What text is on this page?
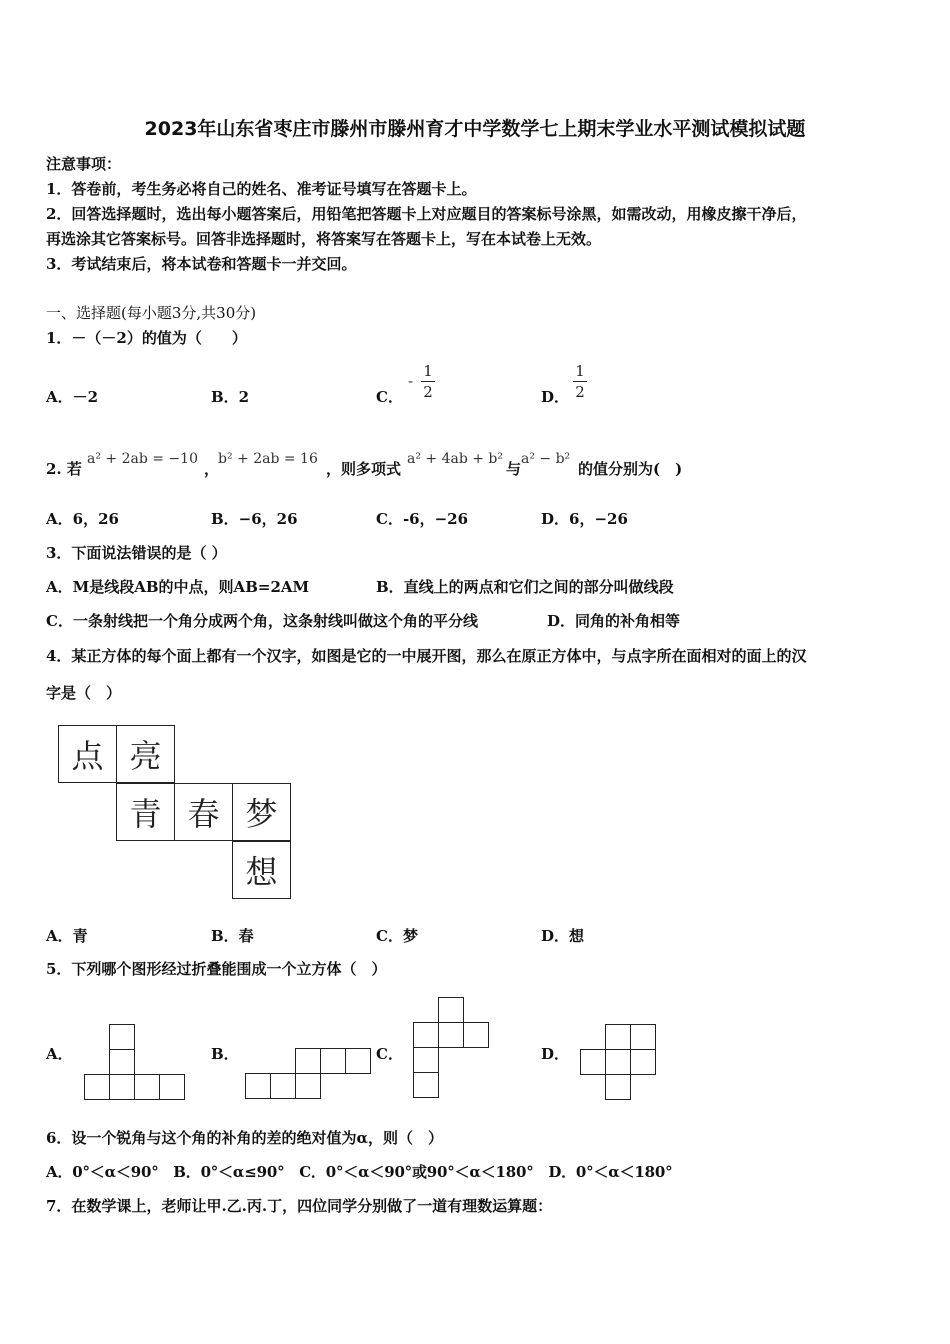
2023年山东省枣庄市滕州市滕州育才中学数学七上期末学业水平测试模拟试题
注意事项：
1．答卷前，考生务必将自己的姓名、准考证号填写在答题卡上。
2．回答选择题时，选出每小题答案后，用铅笔把答题卡上对应题目的答案标号涂黑，如需改动，用橡皮擦干净后，
再选涂其它答案标号。回答非选择题时，将答案写在答题卡上，写在本试卷上无效。
3．考试结束后，将本试卷和答题卡一并交回。
一、选择题(每小题3分,共30分)
1．－（－2）的值为（　　）
A．－2	B．2	C．
-
1
2	D．
1
2
2. 若
a² + 2ab = −10
，
b² + 2ab = 16
，则多项式
a² + 4ab + b²
与
a² − b²
的值分别为(　)
A．6，26	B．−6，26	C．-6，−26	D．6，−26
3．下面说法错误的是（ ）
A．M是线段AB的中点，则AB=2AM	B．直线上的两点和它们之间的部分叫做线段
C．一条射线把一个角分成两个角，这条射线叫做这个角的平分线	D．同角的补角相等
4．某正方体的每个面上都有一个汉字，如图是它的一中展开图，那么在原正方体中，与点字所在面相对的面上的汉
字是（　）
点 亮
青 春 梦
想
A．青	B．春	C．梦	D．想
5．下列哪个图形经过折叠能围成一个立方体（　）
A．	B．	C．	D．
6．设一个锐角与这个角的补角的差的绝对值为α，则（　）
A．0°＜α＜90°　B．0°＜α≤90°　C．0°＜α＜90°或90°＜α＜180°　D．0°＜α＜180°
7．在数学课上，老师让甲.乙.丙.丁，四位同学分别做了一道有理数运算题：
